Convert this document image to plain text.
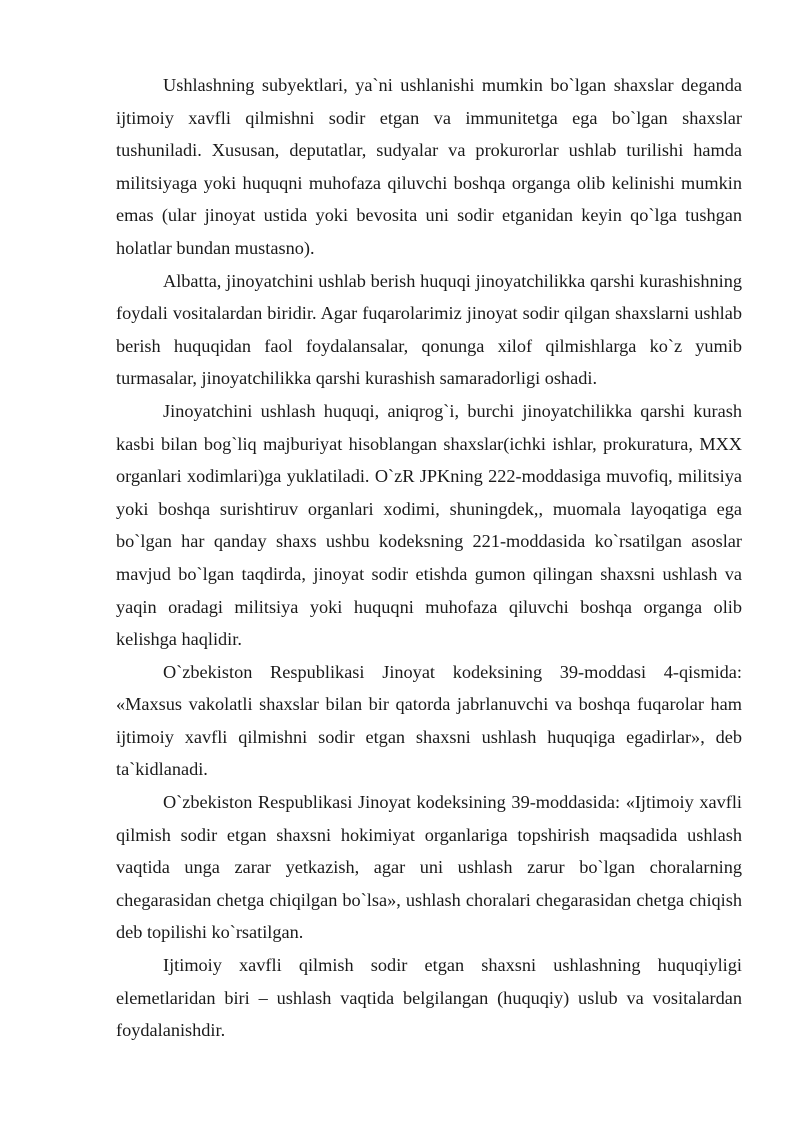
Ushlashning subyektlari, ya`ni ushlanishi mumkin bo`lgan shaxslar deganda ijtimoiy xavfli qilmishni sodir etgan va immunitetga ega bo`lgan shaxslar tushuniladi. Xususan, deputatlar, sudyalar va prokurorlar ushlab turilishi hamda militsiyaga yoki huquqni muhofaza qiluvchi boshqa organga olib kelinishi mumkin emas (ular jinoyat ustida yoki bevosita uni sodir etganidan keyin qo`lga tushgan holatlar bundan mustasno).

Albatta, jinoyatchini ushlab berish huquqi jinoyatchilikka qarshi kurashishning foydali vositalardan biridir. Agar fuqarolarimiz jinoyat sodir qilgan shaxslarni ushlab berish huquqidan faol foydalansalar, qonunga xilof qilmishlarga ko`z yumib turmasalar, jinoyatchilikka qarshi kurashish samaradorligi oshadi.

Jinoyatchini ushlash huquqi, aniqrog`i, burchi jinoyatchilikka qarshi kurash kasbi bilan bog`liq majburiyat hisoblangan shaxslar(ichki ishlar, prokuratura, MXX organlari xodimlari)ga yuklatiladi. O`zR JPKning 222-moddasiga muvofiq, militsiya yoki boshqa surishtiruv organlari xodimi, shuningdek,, muomala layoqatiga ega bo`lgan har qanday shaxs ushbu kodeksning 221-moddasida ko`rsatilgan asoslar mavjud bo`lgan taqdirda, jinoyat sodir etishda gumon qilingan shaxsni ushlash va yaqin oradagi militsiya yoki huquqni muhofaza qiluvchi boshqa organga olib kelishga haqlidir.

O`zbekiston Respublikasi Jinoyat kodeksining 39-moddasi 4-qismida: «Maxsus vakolatli shaxslar bilan bir qatorda jabrlanuvchi va boshqa fuqarolar ham ijtimoiy xavfli qilmishni sodir etgan shaxsni ushlash huquqiga egadirlar», deb ta`kidlanadi.

O`zbekiston Respublikasi Jinoyat kodeksining 39-moddasida: «Ijtimoiy xavfli qilmish sodir etgan shaxsni hokimiyat organlariga topshirish maqsadida ushlash vaqtida unga zarar yetkazish, agar uni ushlash zarur bo`lgan choralarning chegarasidan chetga chiqilgan bo`lsa», ushlash choralari chegarasidan chetga chiqish deb topilishi ko`rsatilgan.

Ijtimoiy xavfli qilmish sodir etgan shaxsni ushlashning huquqiyligi elemetlaridan biri – ushlash vaqtida belgilangan (huquqiy) uslub va vositalardan foydalanishdir.
